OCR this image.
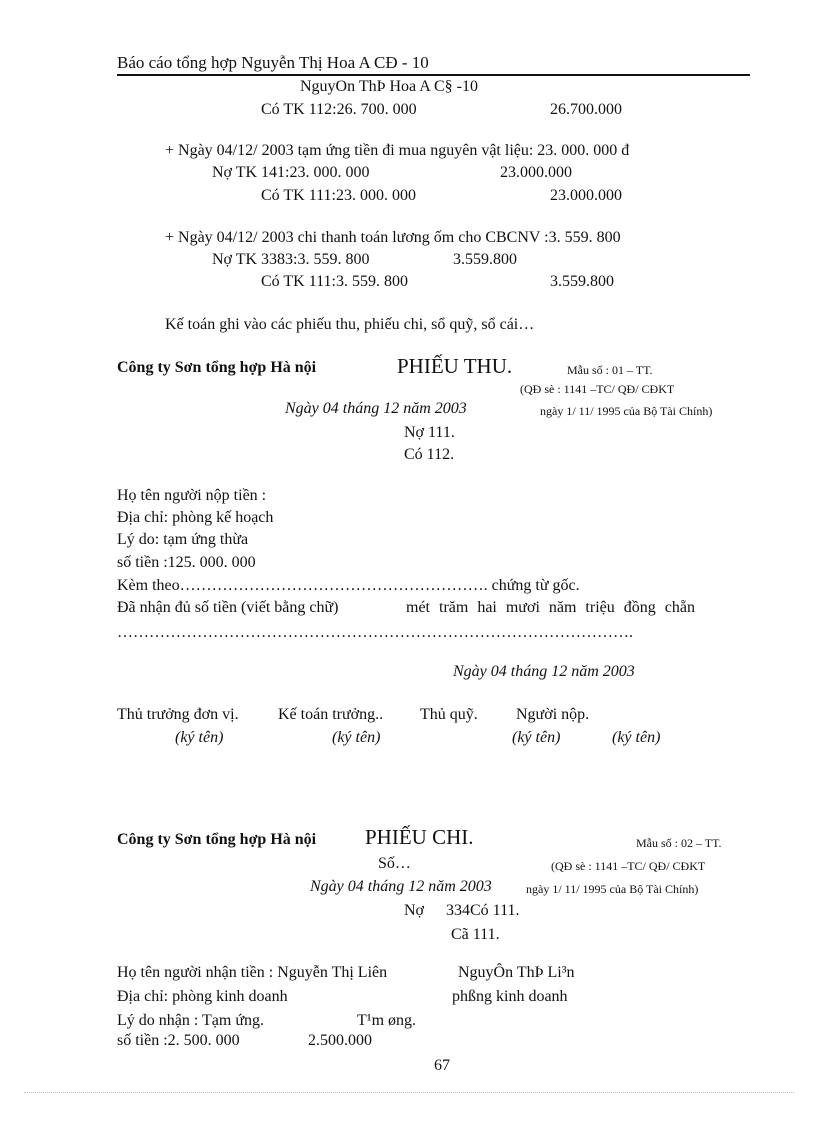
Báo cáo tổng hợp Nguyễn Thị Hoa A CĐ - 10
NguyOn ThÞ Hoa A C§ -10
Có TK 112:26. 700. 000	26.700.000
+ Ngày 04/12/ 2003 tạm ứng tiền đi mua nguyên vật liệu: 23. 000. 000 đ
Nợ TK 141:23. 000. 000	23.000.000
Có TK 111:23. 000. 000	23.000.000
+ Ngày 04/12/ 2003 chi thanh toán lương ốm cho CBCNV :3. 559. 800
Nợ TK 3383:3. 559. 800	3.559.800
Có TK 111:3. 559. 800	3.559.800
Kế toán ghi vào các phiếu thu, phiếu chi, sổ quỹ, sổ cái…
Công ty Sơn tổng hợp Hà nội	PHIẾU THU.	Mẫu số : 01 – TT.
(QĐ sè : 1141 –TC/ QĐ/ CĐKT
Ngày 04 tháng 12 năm 2003	ngày 1/ 11/ 1995 của Bộ Tài Chính)
Nợ 111.
Có 112.
Họ tên người nộp tiền :
Địa chỉ: phòng kế hoạch
Lý do: tạm ứng thừa
số tiền :125. 000. 000
Kèm theo…………………………………………………. chứng từ gốc.
Đã nhận đủ số tiền (viết bằng chữ)	mét trăm hai mươi năm triệu đồng chẵn
…………………………………………………………………………………….
Ngày 04 tháng 12 năm 2003
Thủ trưởng đơn vị. Kế toán trưởng.. Thủ quỹ. Người nộp.
(ký tên)	(ký tên)	(ký tên)	(ký tên)
Công ty Sơn tổng hợp Hà nội PHIẾU CHI.	Mẫu số : 02 – TT.
Số…	(QĐ sè : 1141 –TC/ QĐ/ CĐKT
Ngày 04 tháng 12 năm 2003	ngày 1/ 11/ 1995 của Bộ Tài Chính)
Nợ 334Có 111.
Cã 111.
Họ tên người nhận tiền : Nguyễn Thị Liên	NguyÔn ThÞ Li³n
Địa chỉ: phòng kinh doanh	phßng kinh doanh
Lý do nhận : Tạm ứng.	T¹m øng.
số tiền :2. 500. 000	2.500.000
67
